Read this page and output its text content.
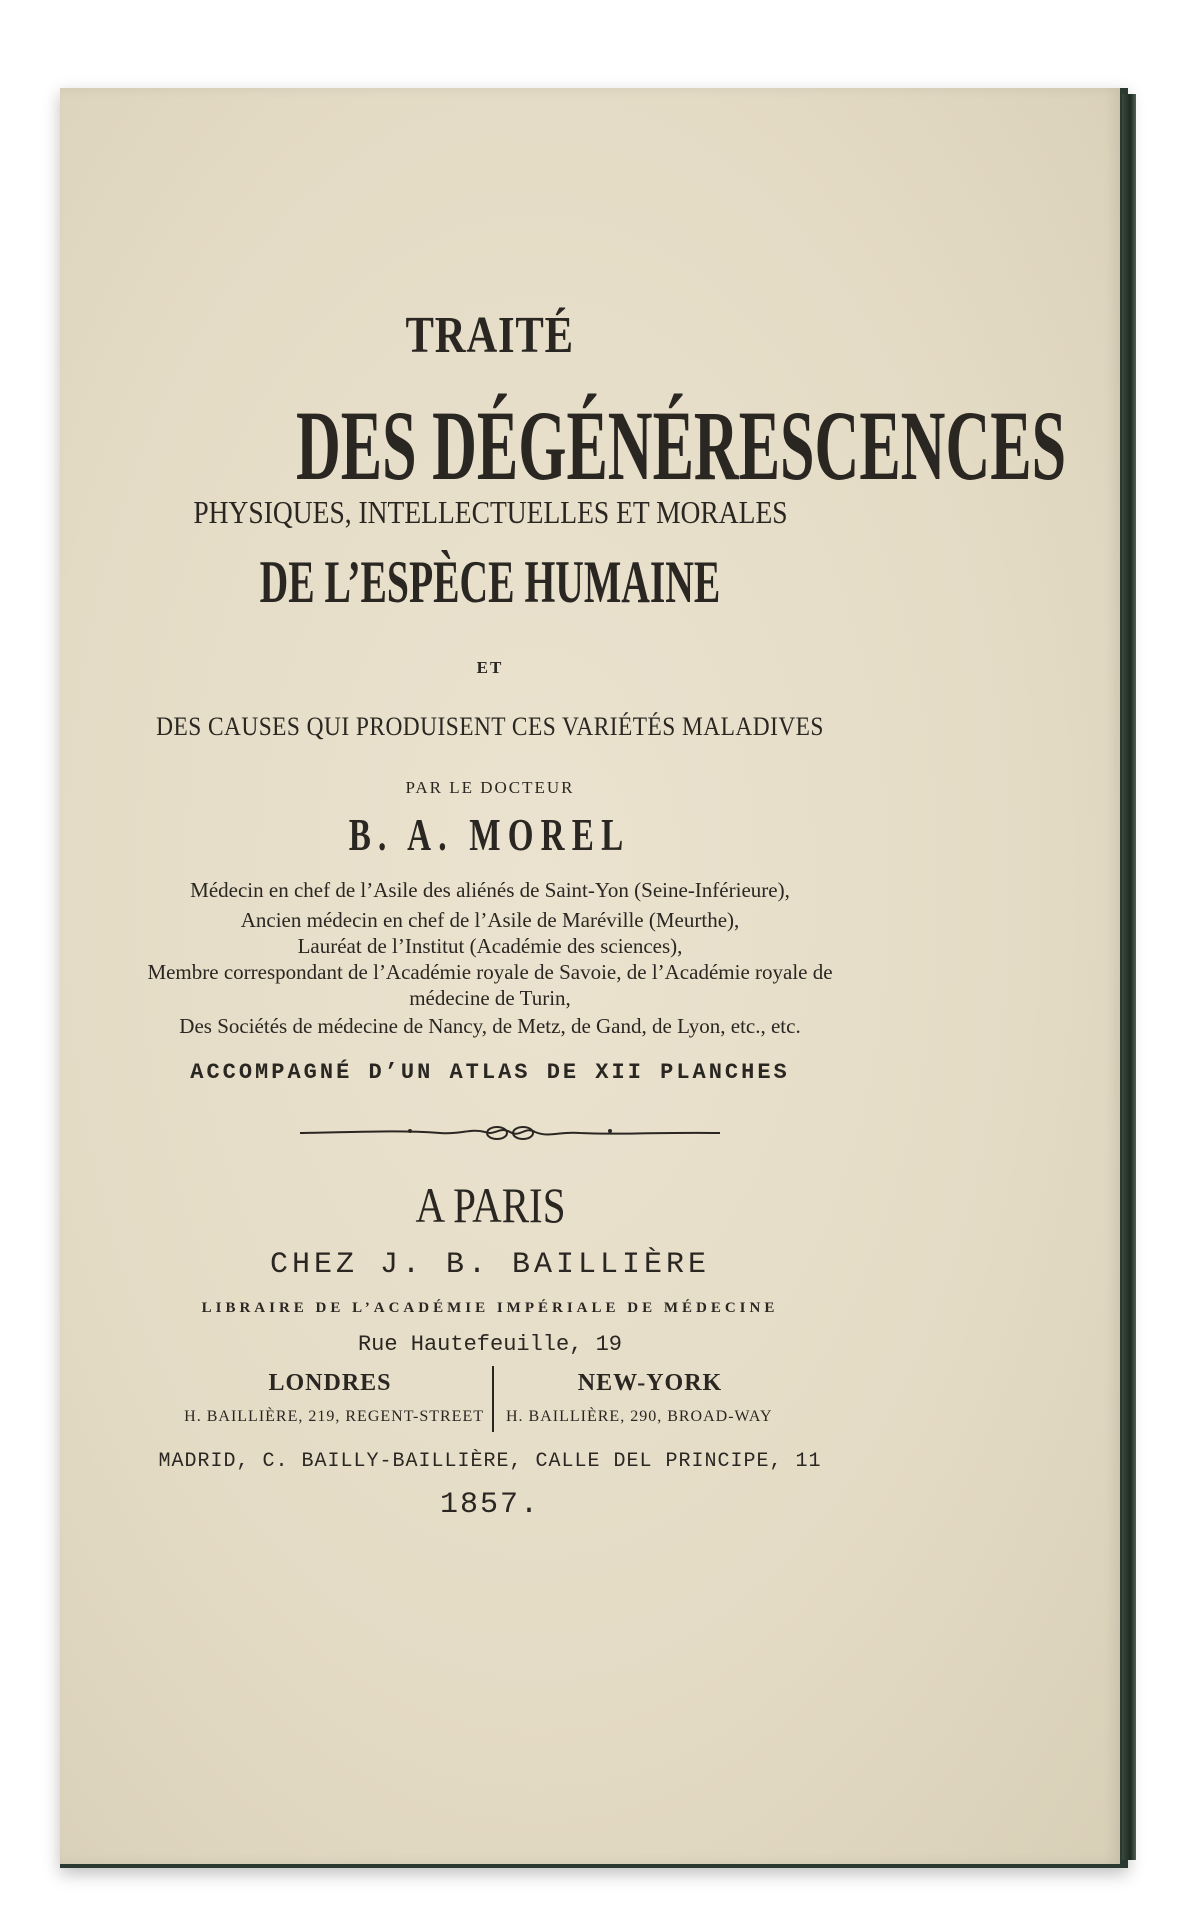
TRAITÉ
DES DÉGÉNÉRESCENCES
PHYSIQUES, INTELLECTUELLES ET MORALES
DE L’ESPÈCE HUMAINE
ET
DES CAUSES QUI PRODUISENT CES VARIÉTÉS MALADIVES
PAR LE DOCTEUR
B. A. MOREL
Médecin en chef de l’Asile des aliénés de Saint-Yon (Seine-Inférieure),
Ancien médecin en chef de l’Asile de Maréville (Meurthe),
Lauréat de l’Institut (Académie des sciences),
Membre correspondant de l’Académie royale de Savoie, de l’Académie royale de
médecine de Turin,
Des Sociétés de médecine de Nancy, de Metz, de Gand, de Lyon, etc., etc.
ACCOMPAGNÉ D’UN ATLAS DE XII PLANCHES
A PARIS
CHEZ J. B. BAILLIÈRE
LIBRAIRE DE L’ACADÉMIE IMPÉRIALE DE MÉDECINE
Rue Hautefeuille, 19
LONDRES	NEW-YORK
H. BAILLIÈRE, 219, REGENT-STREET H. BAILLIÈRE, 290, BROAD-WAY
MADRID, C. BAILLY-BAILLIÈRE, CALLE DEL PRINCIPE, 11
1857.
